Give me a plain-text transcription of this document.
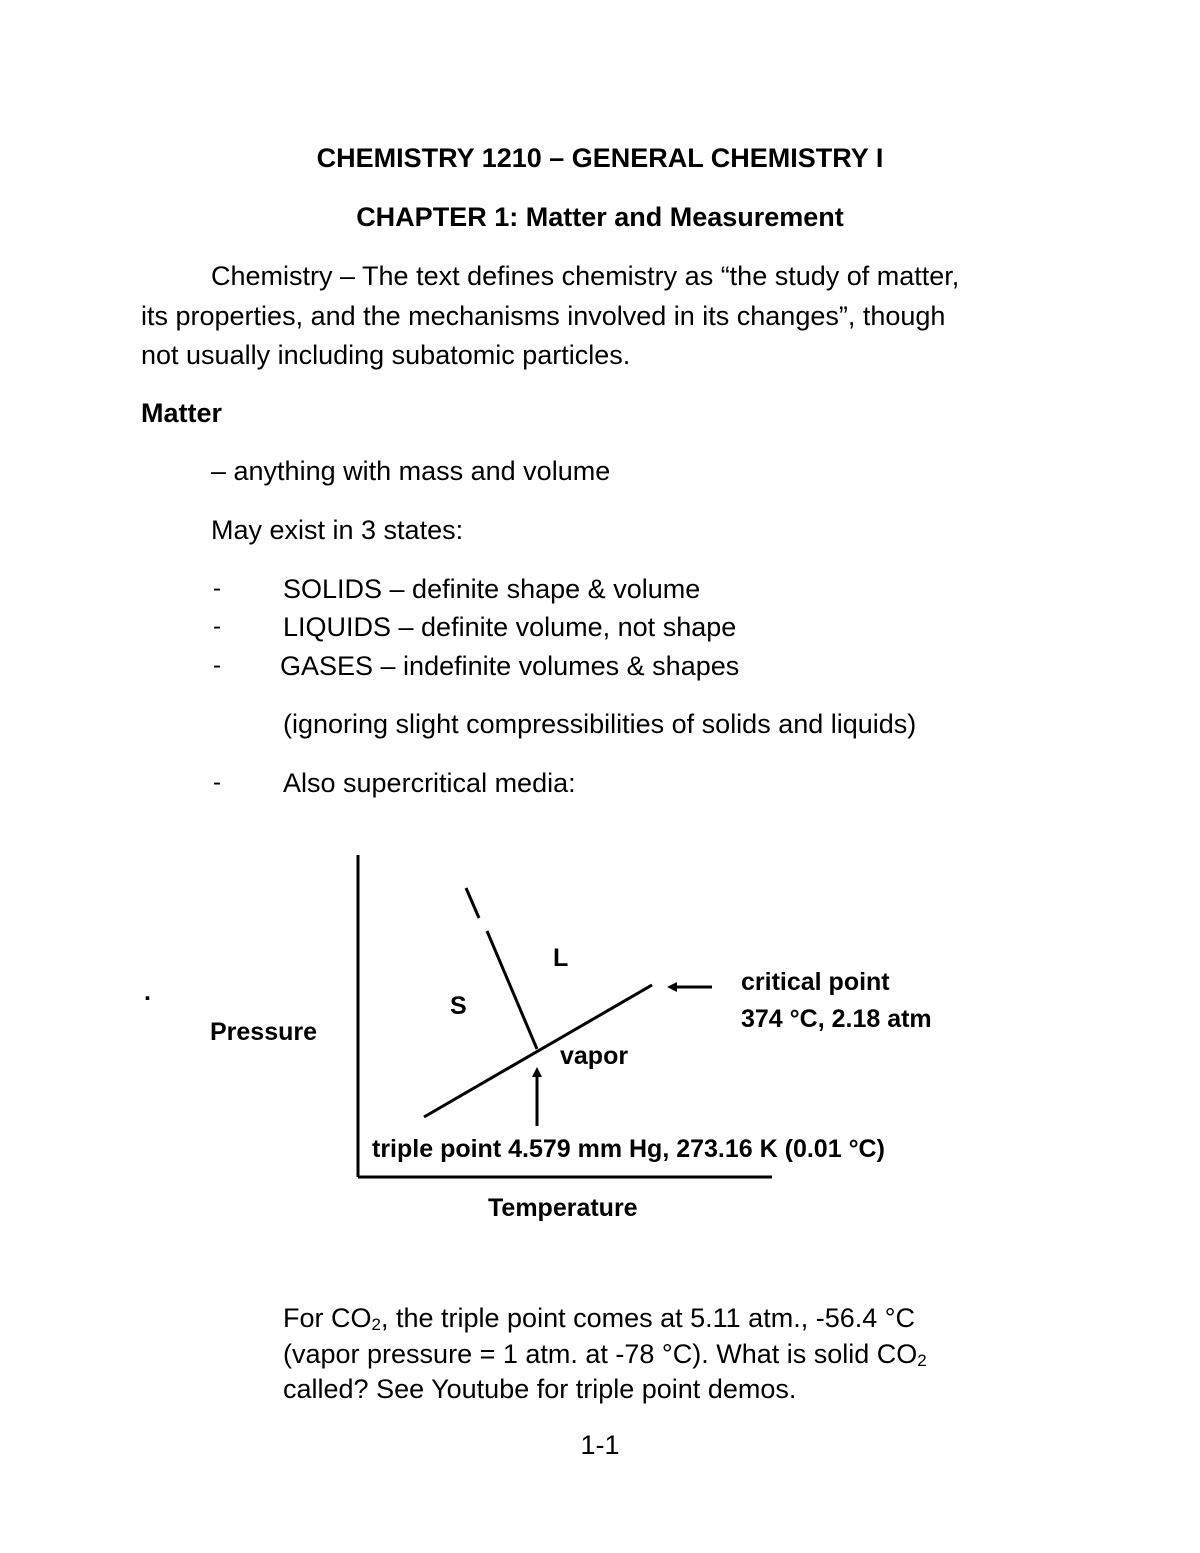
CHEMISTRY 1210 – GENERAL CHEMISTRY I
CHAPTER 1: Matter and Measurement
Chemistry – The text defines chemistry as “the study of matter,
its properties, and the mechanisms involved in its changes”, though
not usually including subatomic particles.
Matter
– anything with mass and volume
May exist in 3 states:
- SOLIDS – definite shape & volume
- LIQUIDS – definite volume, not shape
- GASES – indefinite volumes & shapes
(ignoring slight compressibilities of solids and liquids)
- Also supercritical media:
.
Pressure
Temperature
S
L
vapor
critical point
374 °C, 2.18 atm
triple point 4.579 mm Hg, 273.16 K (0.01 °C)
For $CO_2$, the triple point comes at 5.11 atm., -56.4 °C
(vapor pressure = 1 atm. at -78 °C). What is solid $CO_2$
called? See Youtube for triple point demos.
1-1
